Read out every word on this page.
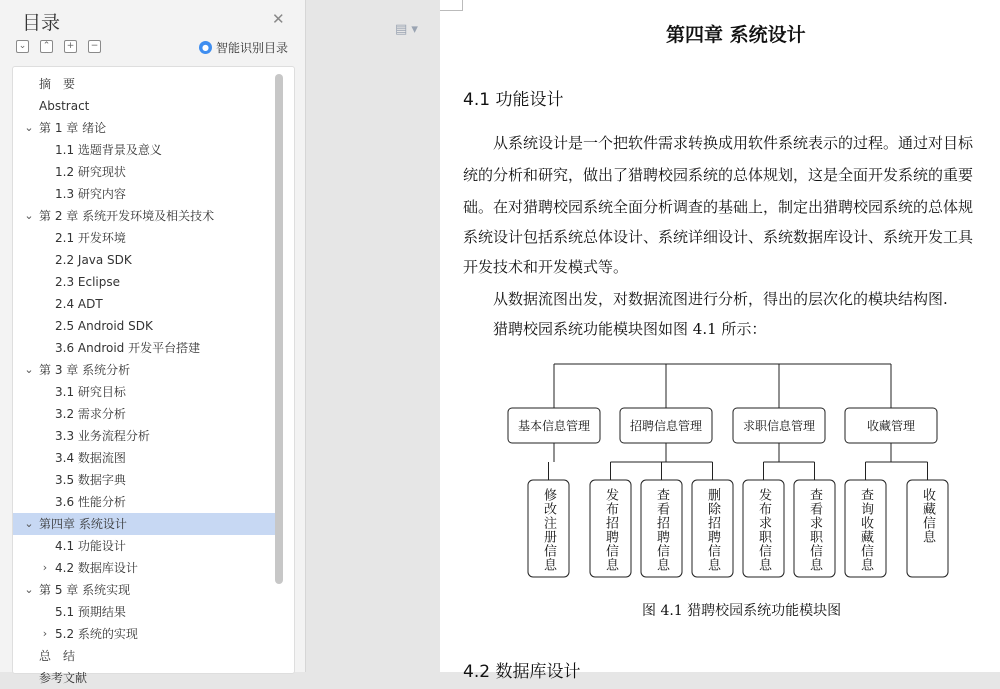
目录	✕
⌄	⌃	+	−	● 智能识别目录
摘　要
Abstract
⌄ 第 1 章 绪论
1.1 选题背景及意义
1.2 研究现状
1.3 研究内容
⌄ 第 2 章 系统开发环境及相关技术
2.1 开发环境
2.2 Java SDK
2.3 Eclipse
2.4 ADT
2.5 Android SDK
3.6 Android 开发平台搭建
⌄ 第 3 章 系统分析
3.1 研究目标
3.2 需求分析
3.3 业务流程分析
3.4 数据流图
3.5 数据字典
3.6 性能分析
⌄ 第四章 系统设计
4.1 功能设计
› 4.2 数据库设计
⌄ 第 5 章 系统实现
5.1 预期结果
› 5.2 系统的实现
总　结
参考文献
▤ ▾	第四章 系统设计
4.1 功能设计
　　从系统设计是一个把软件需求转换成用软件系统表示的过程。通过对目标
统的分析和研究，做出了猎聘校园系统的总体规划，这是全面开发系统的重要
础。在对猎聘校园系统全面分析调查的基础上，制定出猎聘校园系统的总体规
系统设计包括系统总体设计、系统详细设计、系统数据库设计、系统开发工具
开发技术和开发模式等。
　　从数据流图出发，对数据流图进行分析，得出的层次化的模块结构图.
　　猎聘校园系统功能模块图如图 4.1 所示：
基本信息管理
修改注册信息
招聘信息管理
发布招聘信息	查看招聘信息	删除招聘信息
求职信息管理
发布求职信息	查看求职信息
收藏管理
查询收藏信息	收藏信息
图 4.1 猎聘校园系统功能模块图
4.2 数据库设计
